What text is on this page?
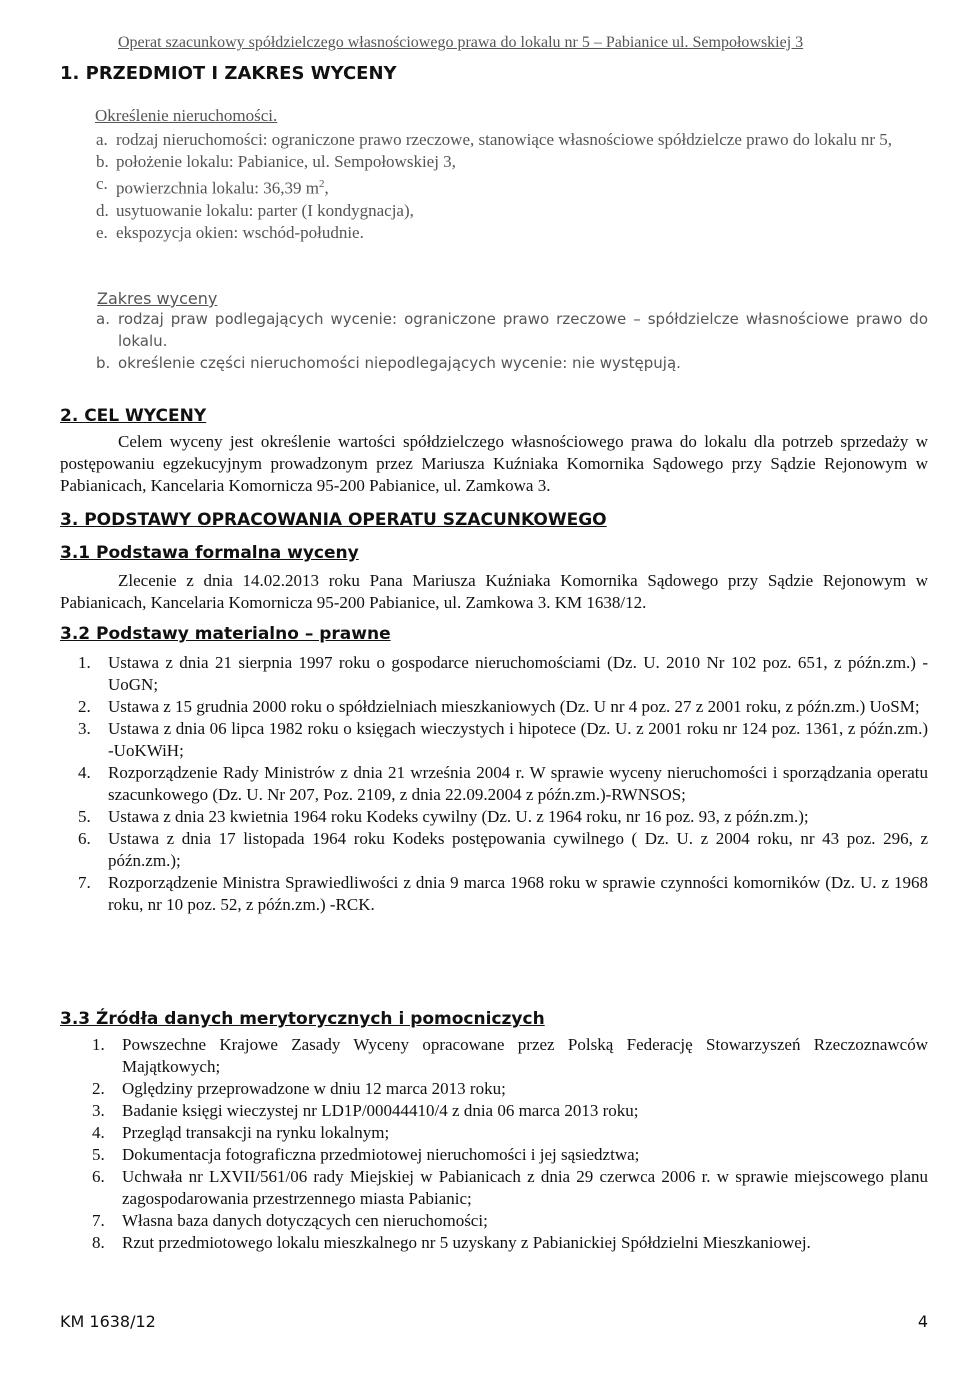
Operat szacunkowy spółdzielczego własnościowego prawa do lokalu nr 5 – Pabianice ul. Sempołowskiej 3
1. PRZEDMIOT I ZAKRES WYCENY
Określenie nieruchomości.
a. rodzaj nieruchomości: ograniczone prawo rzeczowe, stanowiące własnościowe spółdzielcze prawo do lokalu nr 5,
b. położenie lokalu: Pabianice, ul. Sempołowskiej 3,
c. powierzchnia lokalu: 36,39 $m^2$,
d. usytuowanie lokalu: parter (I kondygnacja),
e. ekspozycja okien: wschód-południe.
Zakres wyceny
a. rodzaj praw podlegających wycenie: ograniczone prawo rzeczowe – spółdzielcze własnościowe prawo do lokalu.
b. określenie części nieruchomości niepodlegających wycenie: nie występują.
2. CEL WYCENY
Celem wyceny jest określenie wartości spółdzielczego własnościowego prawa do lokalu dla potrzeb sprzedaży w postępowaniu egzekucyjnym prowadzonym przez Mariusza Kuźniaka Komornika Sądowego przy Sądzie Rejonowym w Pabianicach, Kancelaria Komornicza 95-200 Pabianice, ul. Zamkowa 3.
3. PODSTAWY OPRACOWANIA OPERATU SZACUNKOWEGO
3.1 Podstawa formalna wyceny
Zlecenie z dnia 14.02.2013 roku Pana Mariusza Kuźniaka Komornika Sądowego przy Sądzie Rejonowym w Pabianicach, Kancelaria Komornicza 95-200 Pabianice, ul. Zamkowa 3. KM 1638/12.
3.2 Podstawy materialno – prawne
1. Ustawa z dnia 21 sierpnia 1997 roku o gospodarce nieruchomościami (Dz. U. 2010 Nr 102 poz. 651, z późn.zm.) -UoGN;
2. Ustawa z 15 grudnia 2000 roku o spółdzielniach mieszkaniowych (Dz. U nr 4 poz. 27 z 2001 roku, z późn.zm.) UoSM;
3. Ustawa z dnia 06 lipca 1982 roku o księgach wieczystych i hipotece (Dz. U. z 2001 roku nr 124 poz. 1361, z późn.zm.) -UoKWiH;
4. Rozporządzenie Rady Ministrów z dnia 21 września 2004 r. W sprawie wyceny nieruchomości i sporządzania operatu szacunkowego (Dz. U. Nr 207, Poz. 2109, z dnia 22.09.2004 z późn.zm.)-RWNSOS;
5. Ustawa z dnia 23 kwietnia 1964 roku Kodeks cywilny (Dz. U. z 1964 roku, nr 16 poz. 93, z późn.zm.);
6. Ustawa z dnia 17 listopada 1964 roku Kodeks postępowania cywilnego ( Dz. U. z 2004 roku, nr 43 poz. 296, z późn.zm.);
7. Rozporządzenie Ministra Sprawiedliwości z dnia 9 marca 1968 roku w sprawie czynności komorników (Dz. U. z 1968 roku, nr 10 poz. 52, z późn.zm.) -RCK.
3.3 Źródła danych merytorycznych i pomocniczych
1. Powszechne Krajowe Zasady Wyceny opracowane przez Polską Federację Stowarzyszeń Rzeczoznawców Majątkowych;
2. Oględziny przeprowadzone w dniu 12 marca 2013 roku;
3. Badanie księgi wieczystej nr LD1P/00044410/4 z dnia 06 marca 2013 roku;
4. Przegląd transakcji na rynku lokalnym;
5. Dokumentacja fotograficzna przedmiotowej nieruchomości i jej sąsiedztwa;
6. Uchwała nr LXVII/561/06 rady Miejskiej w Pabianicach z dnia 29 czerwca 2006 r. w sprawie miejscowego planu zagospodarowania przestrzennego miasta Pabianic;
7. Własna baza danych dotyczących cen nieruchomości;
8. Rzut przedmiotowego lokalu mieszkalnego nr 5 uzyskany z Pabianickiej Spółdzielni Mieszkaniowej.
KM 1638/12	4
